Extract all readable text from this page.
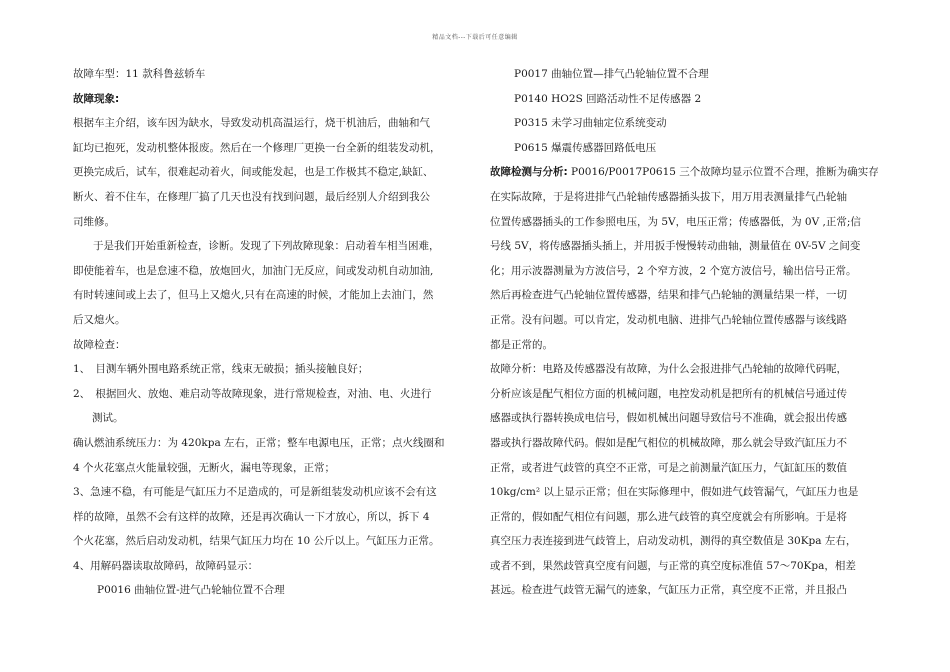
精品文档---下载后可任意编辑
故障车型：11 款科鲁兹轿车
故障现象:
根据车主介绍，该车因为缺水，导致发动机高温运行，烧干机油后，曲轴和气
缸均已抱死，发动机整体报废。然后在一个修理厂更换一台全新的组装发动机，
更换完成后，试车，很难起动着火，间或能发起，也是工作极其不稳定,缺缸、
断火、着不住车，在修理厂搞了几天也没有找到问题，最后经别人介绍到我公
司维修。
于是我们开始重新检查，诊断。发现了下列故障现象：启动着车相当困难，
即使能着车，也是怠速不稳，放炮回火，加油门无反应，间或发动机自动加油,
有时转速间或上去了，但马上又熄火,只有在高速的时候，才能加上去油门，然
后又熄火。
故障检查：
1、　目测车辆外围电路系统正常，线束无破损；插头接触良好；
2、　根据回火、放炮、难启动等故障现象，进行常规检查，对油、电、火进行
测试。
确认燃油系统压力：为 420kpa 左右，正常；整车电源电压，正常；点火线圈和
4 个火花塞点火能量较强，无断火，漏电等现象，正常；
3、急速不稳，有可能是气缸压力不足造成的，可是新组装发动机应该不会有这
样的故障，虽然不会有这样的故障，还是再次确认一下才放心，所以，拆下 4
个火花塞，然后启动发动机，结果气缸压力均在 10 公斤以上。气缸压力正常。
4、用解码器读取故障码，故障码显示：
P0016 曲轴位置-进气凸轮轴位置不合理
P0017 曲轴位置—排气凸轮轴位置不合理
P0140 HO2S 回路活动性不足传感器 2
P0315 未学习曲轴定位系统变动
P0615 爆震传感器回路低电压
故障检测与分析: P0016/P0017P0615 三个故障均显示位置不合理，推断为确实存
在实际故障，于是将进排气凸轮轴传感器插头拔下，用万用表测量排气凸轮轴
位置传感器插头的工作参照电压，为 5V，电压正常；传感器低，为 0V ,正常;信
号线 5V，将传感器插头插上，并用扳手慢慢转动曲轴，测量值在 0V-5V 之间变
化；用示波器测量为方波信号，2 个窄方波，2 个宽方波信号，输出信号正常。
然后再检查进气凸轮轴位置传感器，结果和排气凸轮轴的测量结果一样，一切
正常。没有问题。可以肯定，发动机电脑、进排气凸轮轴位置传感器与该线路
都是正常的。
故障分析：电路及传感器没有故障，为什么会报进排气凸轮轴的故障代码呢，
分析应该是配气相位方面的机械问题，电控发动机是把所有的机械信号通过传
感器或执行器转换成电信号，假如机械出问题导致信号不准确，就会报出传感
器或执行器故障代码。假如是配气相位的机械故障，那么就会导致汽缸压力不
正常，或者进气歧管的真空不正常，可是之前测量汽缸压力，气缸缸压的数值
10kg/cm² 以上显示正常；但在实际修理中，假如进气歧管漏气，气缸压力也是
正常的，假如配气相位有问题，那么进气歧管的真空度就会有所影响。于是将
真空压力表连接到进气歧管上，启动发动机，测得的真空数值是 30Kpa 左右，
或者不到，果然歧管真空度有问题，与正常的真空度标准值 57～70Kpa，相差
甚远。检查进气歧管无漏气的迹象，气缸压力正常，真空度不正常，并且报凸
